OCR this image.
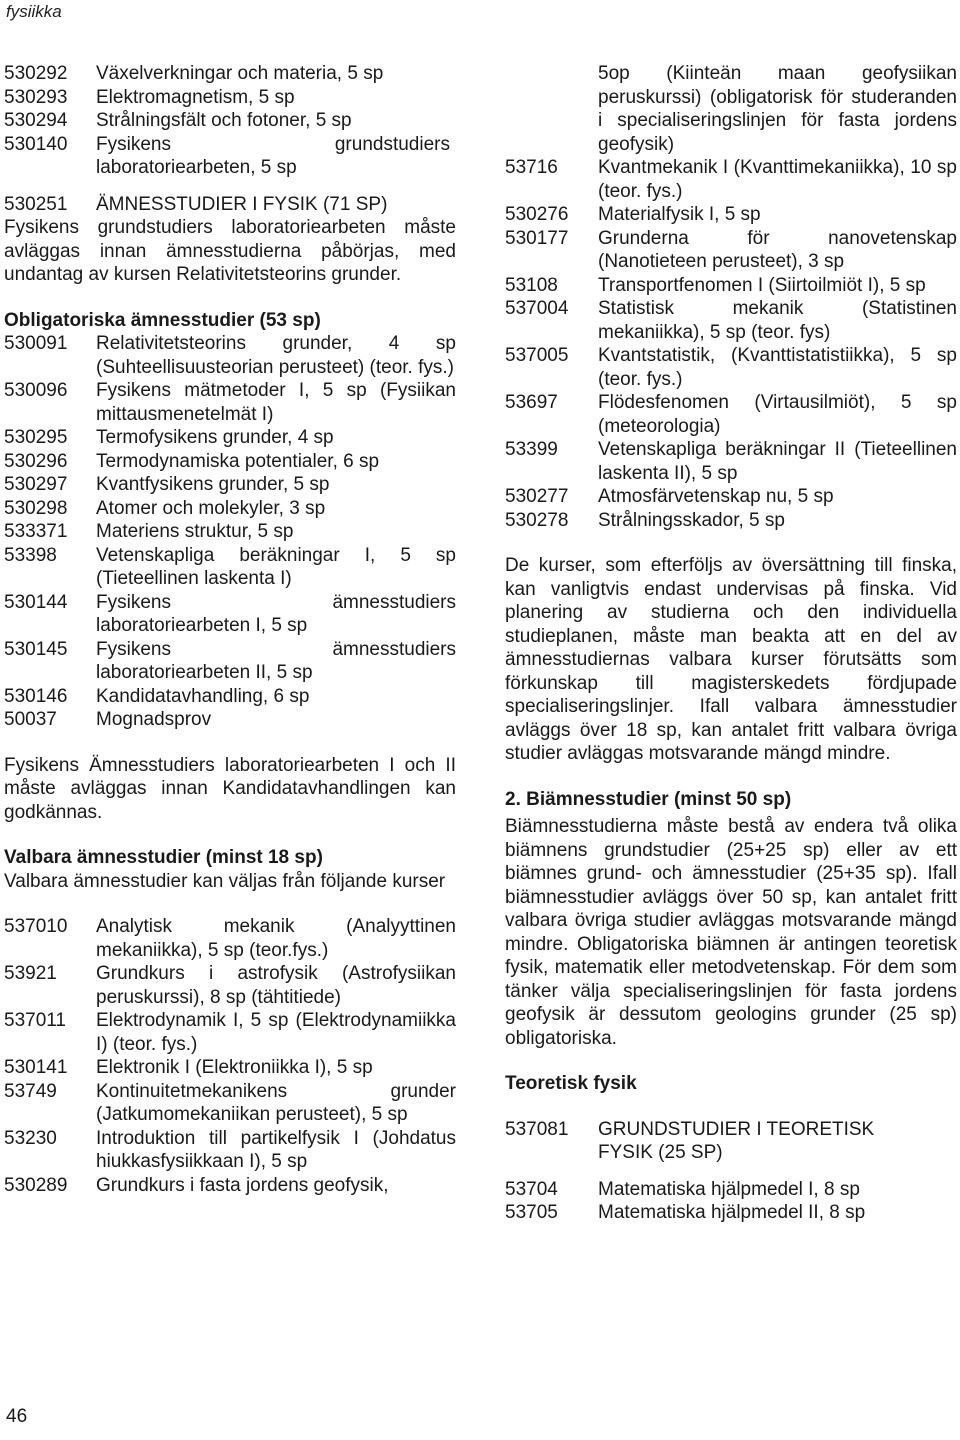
fysiikka
530292	Växelverkningar och materia, 5 sp
530293	Elektromagnetism, 5 sp
530294	Strålningsfält och fotoner, 5 sp
530140	Fysikens grundstudiers laboratoriearbeten, 5 sp
530251	ÄMNESSTUDIER I FYSIK (71 SP)

Fysikens grundstudiers laboratoriearbeten måste avläggas innan ämnesstudierna påbörjas, med undantag av kursen Relativitetsteorins grunder.

Obligatoriska ämnesstudier (53 sp)
530091	Relativitetsteorins grunder, 4 sp (Suhteellisuusteorian perusteet) (teor. fys.)
530096	Fysikens mätmetoder I, 5 sp (Fysiikan mittausmenetelmät I)
530295	Termofysikens grunder, 4 sp
530296	Termodynamiska potentialer, 6 sp
530297	Kvantfysikens grunder, 5 sp
530298	Atomer och molekyler, 3 sp
533371	Materiens struktur, 5 sp
53398	Vetenskapliga beräkningar I, 5 sp (Tieteellinen laskenta I)
530144	Fysikens ämnesstudiers laboratoriearbeten I, 5 sp
530145	Fysikens ämnesstudiers laboratoriearbeten II, 5 sp
530146	Kandidatavhandling, 6 sp
50037	Mognadsprov

Fysikens Ämnesstudiers laboratoriearbeten I och II måste avläggas innan Kandidatavhandlingen kan godkännas.

Valbara ämnesstudier (minst 18 sp)

Valbara ämnesstudier kan väljas från följande kurser

537010	Analytisk mekanik (Analyyttinen mekaniikka), 5 sp (teor.fys.)
53921	Grundkurs i astrofysik (Astrofysiikan peruskurssi), 8 sp (tähtitiede)
537011	Elektrodynamik I, 5 sp (Elektrodynamiikka I) (teor. fys.)
530141	Elektronik I (Elektroniikka I), 5 sp
53749	Kontinuitetmekanikens grunder (Jatkumomekaniikan perusteet), 5 sp
53230	Introduktion till partikelfysik I (Johdatus hiukkasfysiikkaan I), 5 sp
530289	Grundkurs i fasta jordens geofysik,
5op (Kiinteän maan geofysiikan peruskurssi) (obligatorisk för studeranden i specialiseringslinjen för fasta jordens geofysik)
53716	Kvantmekanik I (Kvanttimekaniikka), 10 sp (teor. fys.)
530276	Materialfysik I, 5 sp
530177	Grunderna för nanovetenskap (Nanotieteen perusteet), 3 sp
53108	Transportfenomen I (Siirtoilmiöt I), 5 sp
537004	Statistisk mekanik (Statistinen mekaniikka), 5 sp (teor. fys)
537005	Kvantstatistik, (Kvanttistatistiikka), 5 sp (teor. fys.)
53697	Flödesfenomen (Virtausilmiöt), 5 sp (meteorologia)
53399	Vetenskapliga beräkningar II (Tieteellinen laskenta II), 5 sp
530277	Atmosfärvetenskap nu, 5 sp
530278	Strålningsskador, 5 sp

De kurser, som efterföljs av översättning till finska, kan vanligtvis endast undervisas på finska. Vid planering av studierna och den individuella studieplanen, måste man beakta att en del av ämnesstudiernas valbara kurser förutsätts som förkunskap till magisterskedets fördjupade specialiseringslinjer. Ifall valbara ämnesstudier avläggs över 18 sp, kan antalet fritt valbara övriga studier avläggas motsvarande mängd mindre.

2. Biämnesstudier (minst 50 sp)

Biämnesstudierna måste bestå av endera två olika biämnens grundstudier (25+25 sp) eller av ett biämnes grund- och ämnesstudier (25+35 sp). Ifall biämnesstudier avläggs över 50 sp, kan antalet fritt valbara övriga studier avläggas motsvarande mängd mindre. Obligatoriska biämnen är antingen teoretisk fysik, matematik eller metodvetenskap. För dem som tänker välja specialiseringslinjen för fasta jordens geofysik är dessutom geologins grunder (25 sp) obligatoriska.

Teoretisk fysik
537081	GRUNDSTUDIER I TEORETISK FYSIK (25 SP)
53704	Matematiska hjälpmedel I, 8 sp
53705	Matematiska hjälpmedel II, 8 sp
46
